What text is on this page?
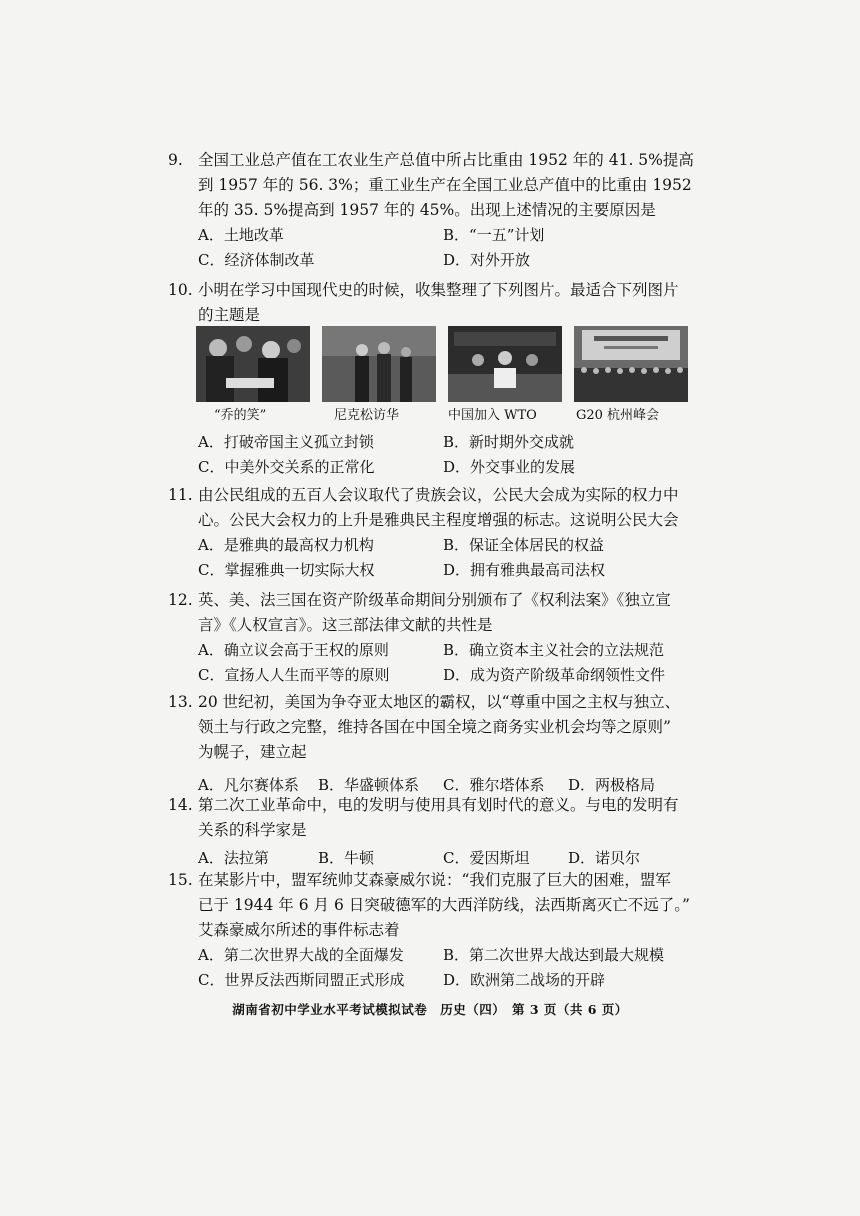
9. 全国工业总产值在工农业生产总值中所占比重由 1952 年的 41. 5%提高
到 1957 年的 56. 3%；重工业生产在全国工业总产值中的比重由 1952
年的 35. 5%提高到 1957 年的 45%。出现上述情况的主要原因是
A．土地改革	B．“一五”计划
C．经济体制改革	D．对外开放
10. 小明在学习中国现代史的时候，收集整理了下列图片。最适合下列图片
的主题是
“乔的笑”	尼克松访华	中国加入 WTO	G20 杭州峰会
A．打破帝国主义孤立封锁	B．新时期外交成就
C．中美外交关系的正常化	D．外交事业的发展
11. 由公民组成的五百人会议取代了贵族会议，公民大会成为实际的权力中
心。公民大会权力的上升是雅典民主程度增强的标志。这说明公民大会
A．是雅典的最高权力机构	B．保证全体居民的权益
C．掌握雅典一切实际大权	D．拥有雅典最高司法权
12. 英、美、法三国在资产阶级革命期间分别颁布了《权利法案》《独立宣
言》《人权宣言》。这三部法律文献的共性是
A．确立议会高于王权的原则	B．确立资本主义社会的立法规范
C．宣扬人人生而平等的原则	D．成为资产阶级革命纲领性文件
13. 20 世纪初，美国为争夺亚太地区的霸权，以“尊重中国之主权与独立、
领土与行政之完整，维持各国在中国全境之商务实业机会均等之原则”
为幌子，建立起
A．凡尔赛体系 B．华盛顿体系 C．雅尔塔体系 D．两极格局
14. 第二次工业革命中，电的发明与使用具有划时代的意义。与电的发明有
关系的科学家是
A．法拉第	B．牛顿	C．爱因斯坦	D．诺贝尔
15. 在某影片中，盟军统帅艾森豪威尔说：“我们克服了巨大的困难，盟军
已于 1944 年 6 月 6 日突破德军的大西洋防线，法西斯离灭亡不远了。”
艾森豪威尔所述的事件标志着
A．第二次世界大战的全面爆发	B．第二次世界大战达到最大规模
C．世界反法西斯同盟正式形成	D．欧洲第二战场的开辟
湖南省初中学业水平考试模拟试卷　历史（四）　第 3 页（共 6 页）
